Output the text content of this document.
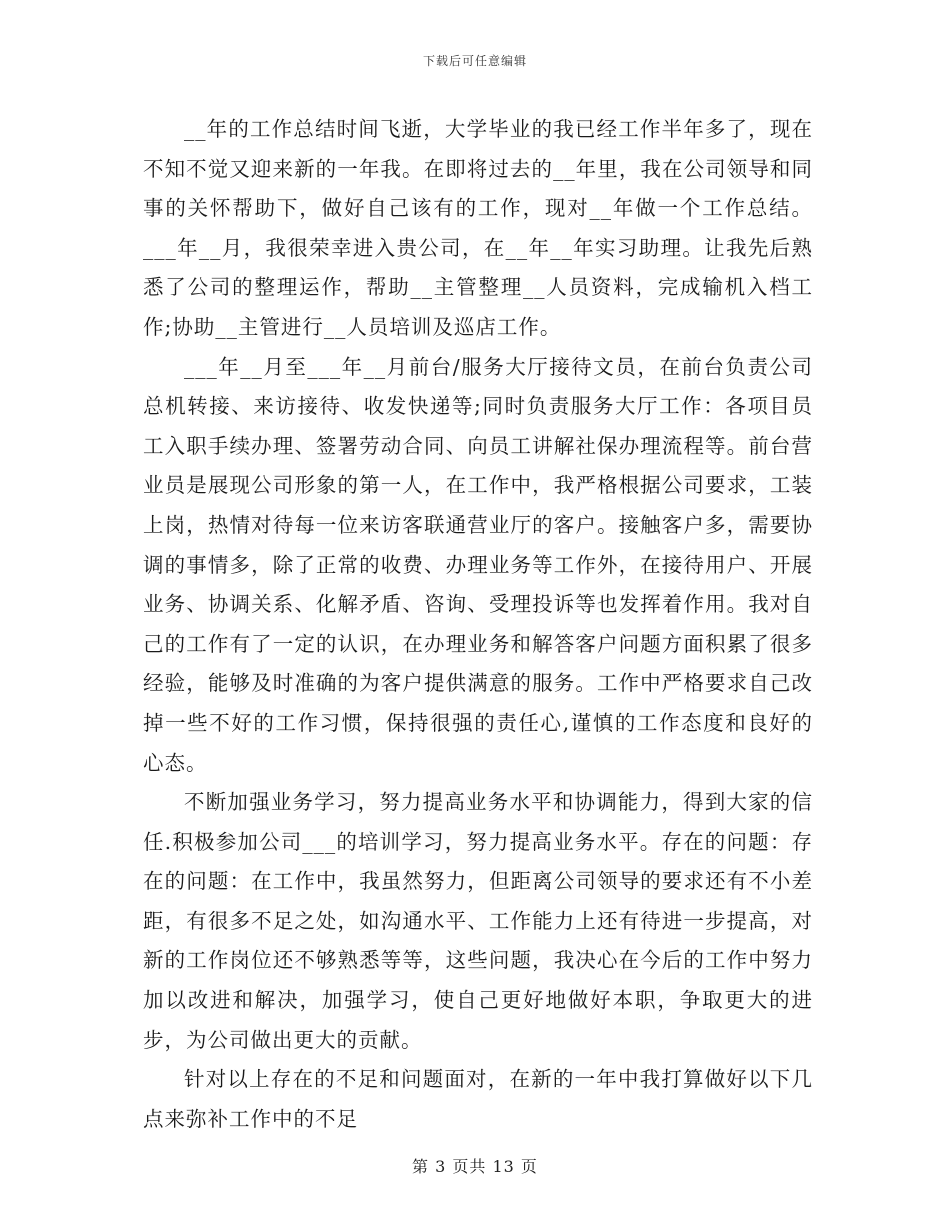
下载后可任意编辑

__年的工作总结时间飞逝，大学毕业的我已经工作半年多了，现在不知不觉又迎来新的一年我。在即将过去的__年里，我在公司领导和同事的关怀帮助下，做好自己该有的工作，现对__年做一个工作总结。___年__月，我很荣幸进入贵公司，在__年__年实习助理。让我先后熟悉了公司的整理运作，帮助__主管整理__人员资料，完成输机入档工作;协助__主管进行__人员培训及巡店工作。

___年__月至___年__月前台/服务大厅接待文员，在前台负责公司总机转接、来访接待、收发快递等;同时负责服务大厅工作：各项目员工入职手续办理、签署劳动合同、向员工讲解社保办理流程等。前台营业员是展现公司形象的第一人，在工作中，我严格根据公司要求，工装上岗，热情对待每一位来访客联通营业厅的客户。接触客户多，需要协调的事情多，除了正常的收费、办理业务等工作外，在接待用户、开展业务、协调关系、化解矛盾、咨询、受理投诉等也发挥着作用。我对自己的工作有了一定的认识，在办理业务和解答客户问题方面积累了很多经验，能够及时准确的为客户提供满意的服务。工作中严格要求自己改掉一些不好的工作习惯，保持很强的责任心,谨慎的工作态度和良好的心态。

不断加强业务学习，努力提高业务水平和协调能力，得到大家的信任.积极参加公司___的培训学习，努力提高业务水平。存在的问题：存在的问题：在工作中，我虽然努力，但距离公司领导的要求还有不小差距，有很多不足之处，如沟通水平、工作能力上还有待进一步提高，对新的工作岗位还不够熟悉等等，这些问题，我决心在今后的工作中努力加以改进和解决，加强学习，使自己更好地做好本职，争取更大的进步，为公司做出更大的贡献。

针对以上存在的不足和问题面对，在新的一年中我打算做好以下几点来弥补工作中的不足

第 3 页共 13 页
